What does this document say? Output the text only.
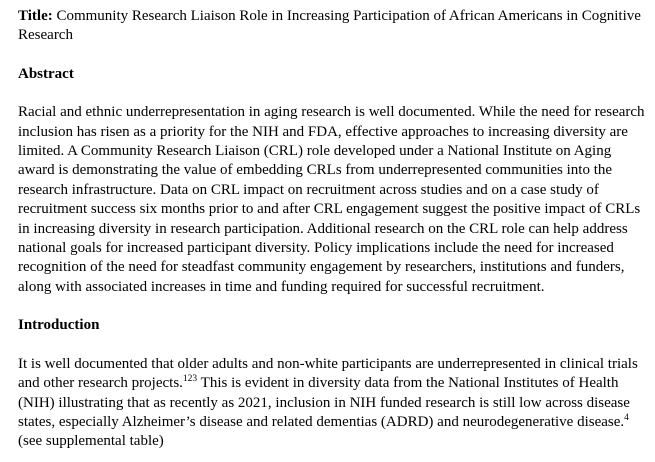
Title: Community Research Liaison Role in Increasing Participation of African Americans in Cognitive Research

Abstract

Racial and ethnic underrepresentation in aging research is well documented. While the need for research inclusion has risen as a priority for the NIH and FDA, effective approaches to increasing diversity are limited. A Community Research Liaison (CRL) role developed under a National Institute on Aging award is demonstrating the value of embedding CRLs from underrepresented communities into the research infrastructure. Data on CRL impact on recruitment across studies and on a case study of recruitment success six months prior to and after CRL engagement suggest the positive impact of CRLs in increasing diversity in research participation. Additional research on the CRL role can help address national goals for increased participant diversity. Policy implications include the need for increased recognition of the need for steadfast community engagement by researchers, institutions and funders, along with associated increases in time and funding required for successful recruitment.

Introduction

It is well documented that older adults and non-white participants are underrepresented in clinical trials and other research projects.$^{123}$ This is evident in diversity data from the National Institutes of Health (NIH) illustrating that as recently as 2021, inclusion in NIH funded research is still low across disease states, especially Alzheimer’s disease and related dementias (ADRD) and neurodegenerative disease.$^4$ (see supplemental table)
